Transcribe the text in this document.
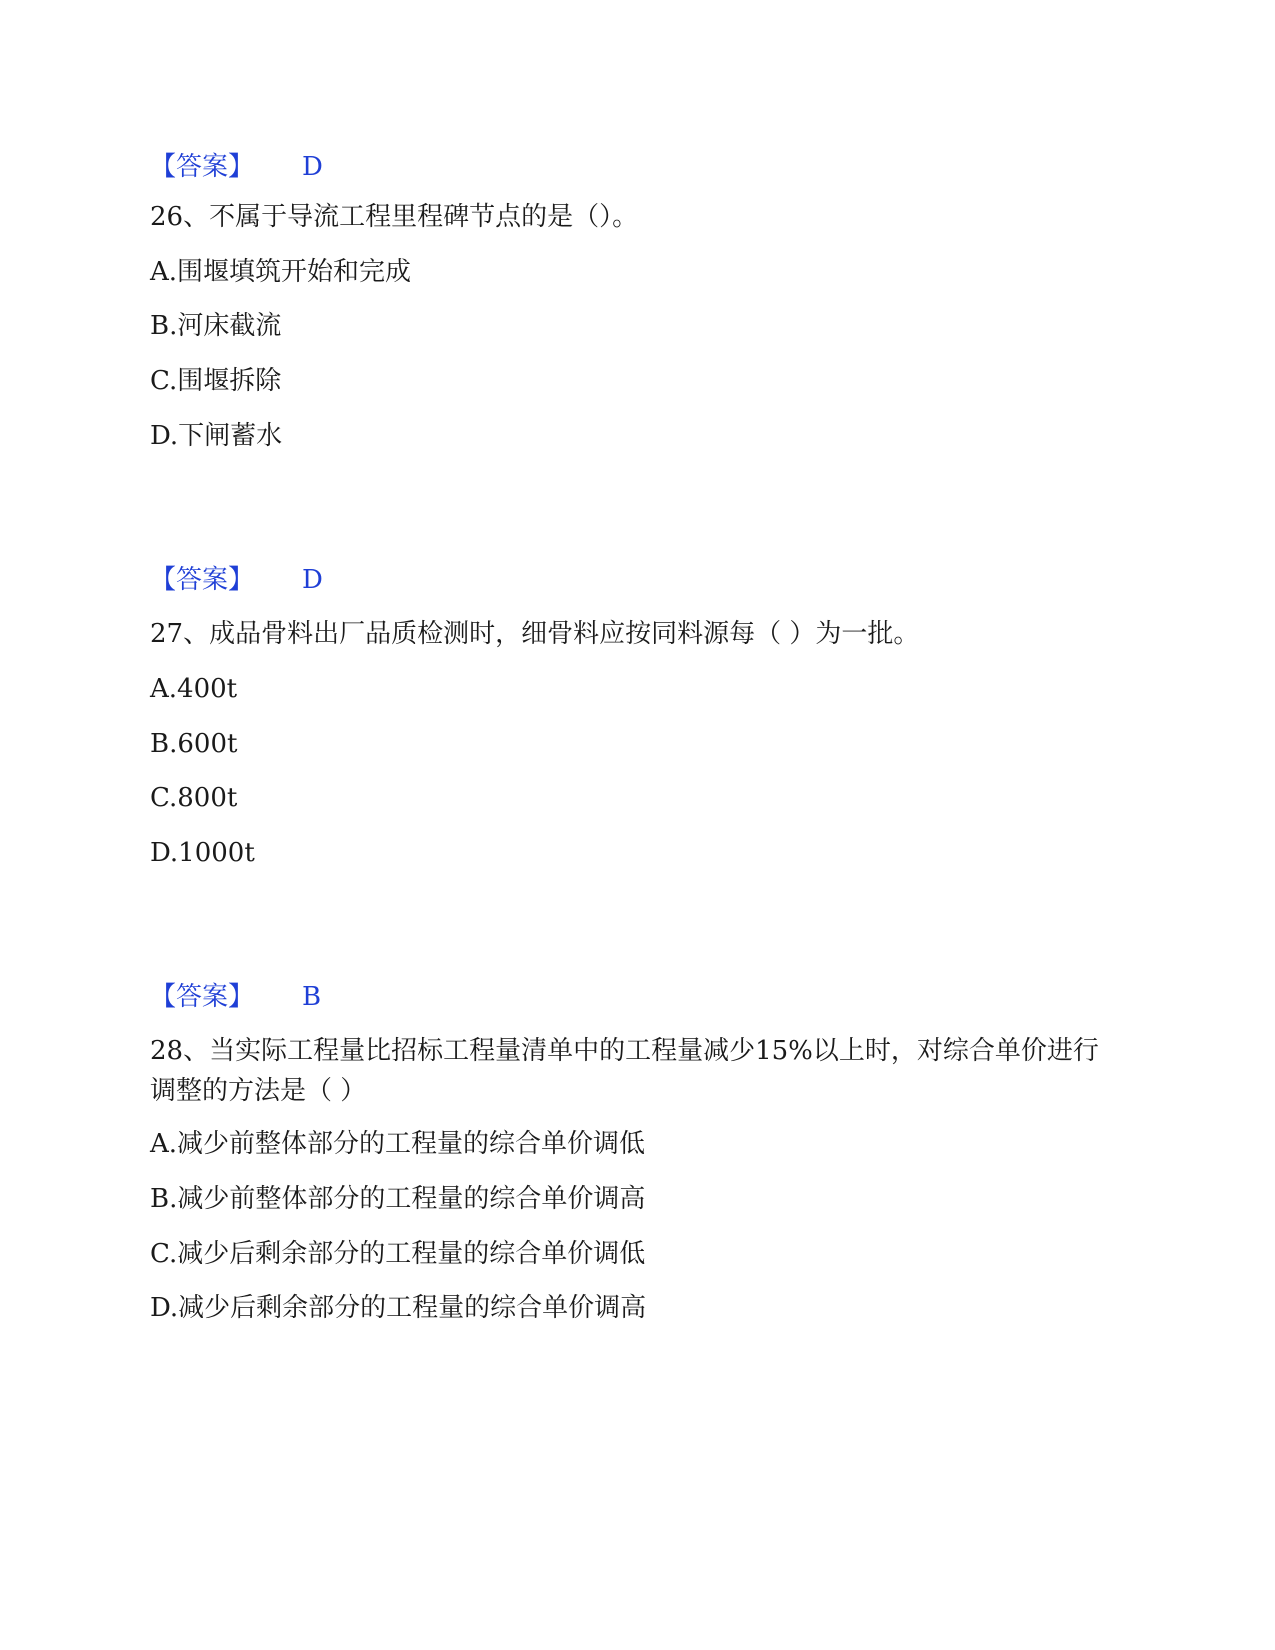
【答案】 D
26、不属于导流工程里程碑节点的是（）。
A.围堰填筑开始和完成
B.河床截流
C.围堰拆除
D.下闸蓄水
【答案】 D
27、成品骨料出厂品质检测时，细骨料应按同料源每（ ）为一批。
A.400t
B.600t
C.800t
D.1000t
【答案】 B
28、当实际工程量比招标工程量清单中的工程量减少15%以上时，对综合单价进行调整的方法是（ ）
A.减少前整体部分的工程量的综合单价调低
B.减少前整体部分的工程量的综合单价调高
C.减少后剩余部分的工程量的综合单价调低
D.减少后剩余部分的工程量的综合单价调高
